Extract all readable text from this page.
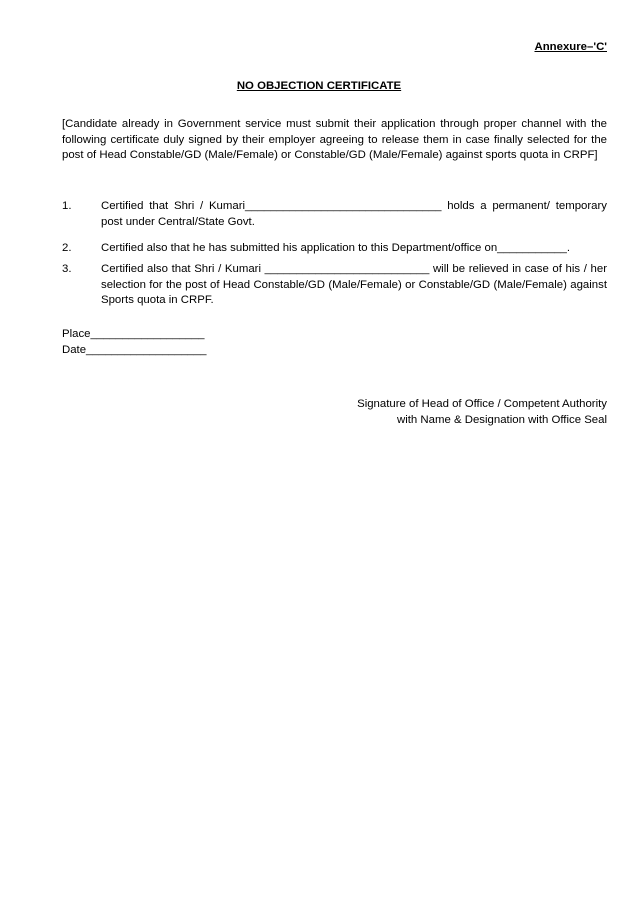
Annexure–'C'
NO OBJECTION CERTIFICATE
[Candidate already in Government service must submit their application through proper channel with the following certificate duly signed by their employer agreeing to release them in case finally selected for the post of Head Constable/GD (Male/Female) or Constable/GD (Male/Female) against sports quota in CRPF]
1.	Certified that Shri / Kumari_______________________________ holds a permanent/ temporary post under Central/State Govt.
2.	Certified also that he has submitted his application to this Department/office on___________.
3.	Certified also that Shri / Kumari __________________________ will be relieved in case of his / her selection for the post of Head Constable/GD (Male/Female) or Constable/GD (Male/Female) against Sports quota in CRPF.
Place__________________
Date___________________
Signature of Head of Office / Competent Authority
with Name & Designation with Office Seal
